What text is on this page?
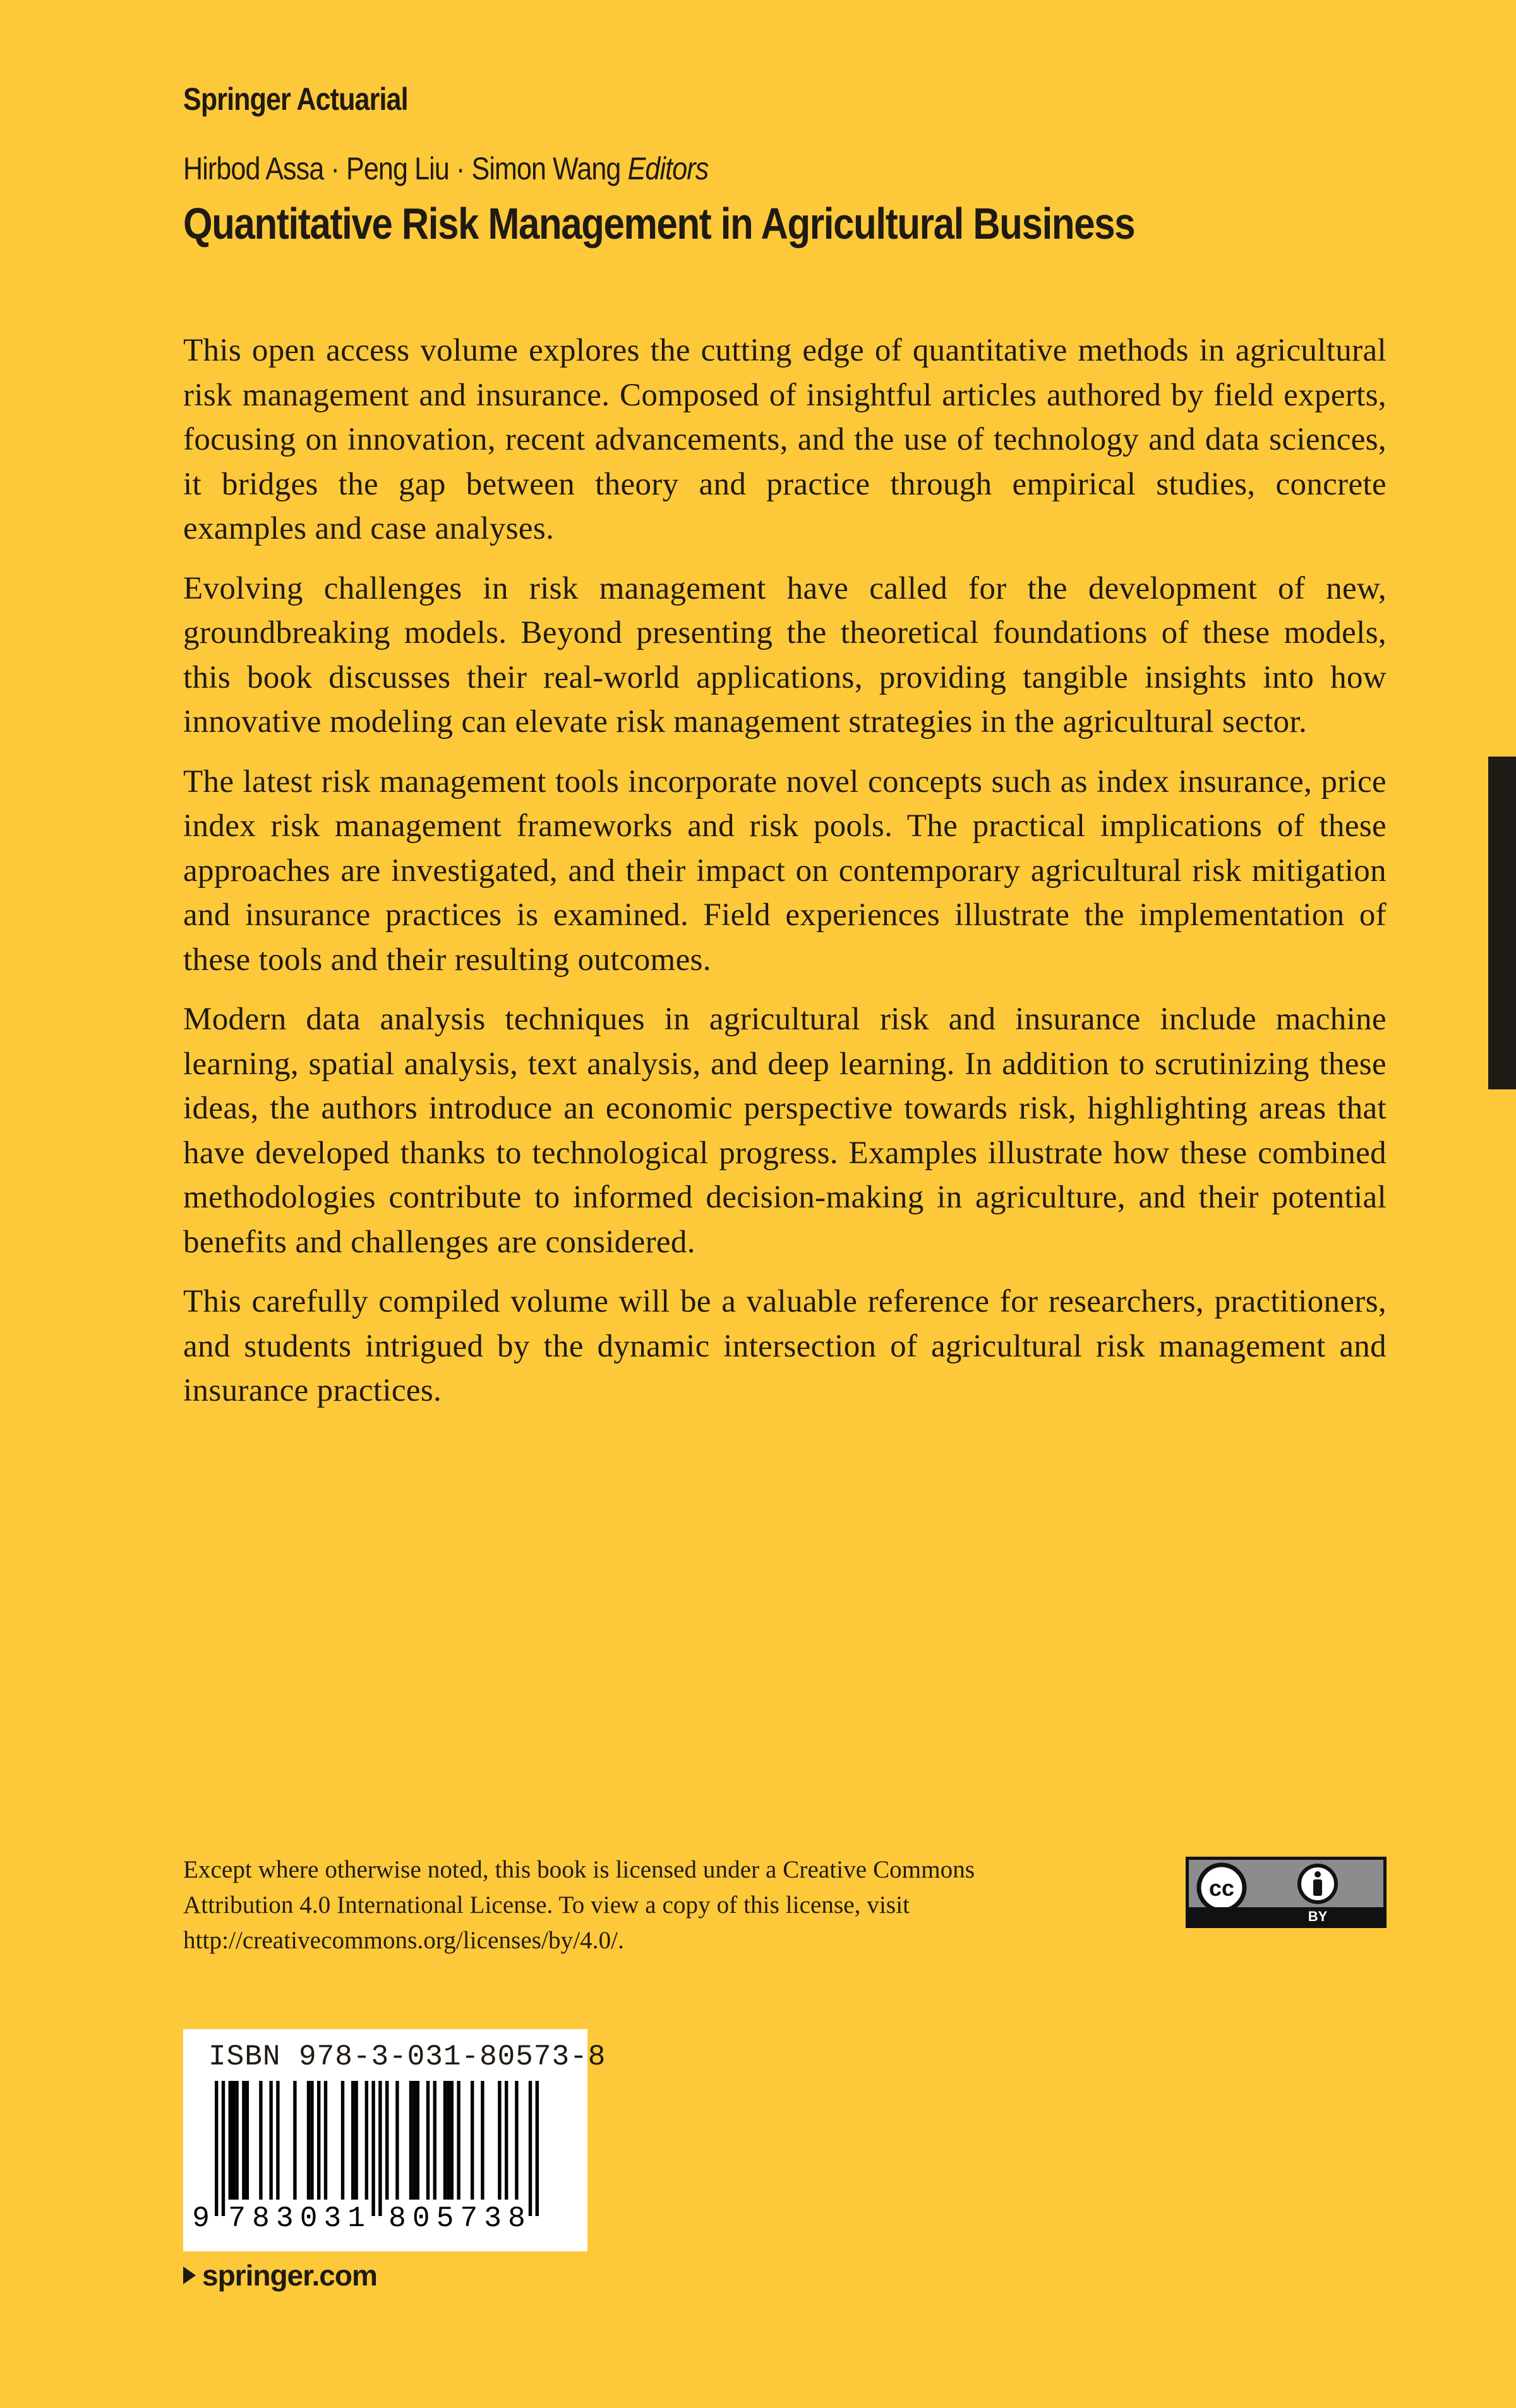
Springer Actuarial
Hirbod Assa · Peng Liu · Simon Wang Editors
Quantitative Risk Management in Agricultural Business

This open access volume explores the cutting edge of quantitative methods in agricultural risk management and insurance. Composed of insightful articles authored by field experts, focusing on innovation, recent advancements, and the use of technology and data sciences, it bridges the gap between theory and practice through empirical studies, concrete examples and case analyses.

Evolving challenges in risk management have called for the development of new, groundbreaking models. Beyond presenting the theoretical foundations of these models, this book discusses their real-world applications, providing tangible insights into how innovative modeling can elevate risk management strategies in the agricultural sector.

The latest risk management tools incorporate novel concepts such as index insurance, price index risk management frameworks and risk pools. The practical implications of these approaches are investigated, and their impact on contemporary agricultural risk mitigation and insurance practices is examined. Field experiences illustrate the implementation of these tools and their resulting outcomes.

Modern data analysis techniques in agricultural risk and insurance include machine learning, spatial analysis, text analysis, and deep learning. In addition to scrutinizing these ideas, the authors introduce an economic perspective towards risk, highlighting areas that have developed thanks to technological progress. Examples illustrate how these combined methodologies contribute to informed decision-making in agriculture, and their potential benefits and challenges are considered.

This carefully compiled volume will be a valuable reference for researchers, practitioners, and students intrigued by the dynamic intersection of agricultural risk management and insurance practices.

Except where otherwise noted, this book is licensed under a Creative Commons Attribution 4.0 International License. To view a copy of this license, visit http://creativecommons.org/licenses/by/4.0/.
cc
BY
9 7 8 3 0 3 1 8 0 5 7 3 8
ISBN 978-3-031-80573-8
springer.com
